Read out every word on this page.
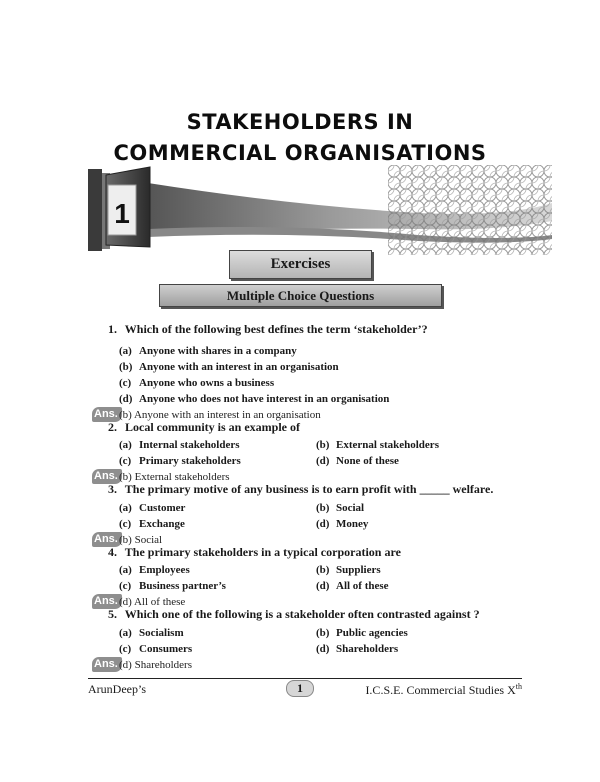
STAKEHOLDERS IN
COMMERCIAL ORGANISATIONS
1
Exercises
Multiple Choice Questions
1. Which of the following best defines the term ‘stakeholder’?
(a) Anyone with shares in a company
(b) Anyone with an interest in an organisation
(c) Anyone who owns a business
(d) Anyone who does not have interest in an organisation
Ans. (b) Anyone with an interest in an organisation
2. Local community is an example of
(a) Internal stakeholders	(b) External stakeholders
(c) Primary stakeholders	(d) None of these
Ans. (b) External stakeholders
3. The primary motive of any business is to earn profit with _____ welfare.
(a) Customer	(b) Social
(c) Exchange	(d) Money
Ans. (b) Social
4. The primary stakeholders in a typical corporation are
(a) Employees	(b) Suppliers
(c) Business partner’s	(d) All of these
Ans. (d) All of these
5. Which one of the following is a stakeholder often contrasted against ?
(a) Socialism	(b) Public agencies
(c) Consumers	(d) Shareholders
Ans. (d) Shareholders
ArunDeep’s	1	I.C.S.E. Commercial Studies Xth
